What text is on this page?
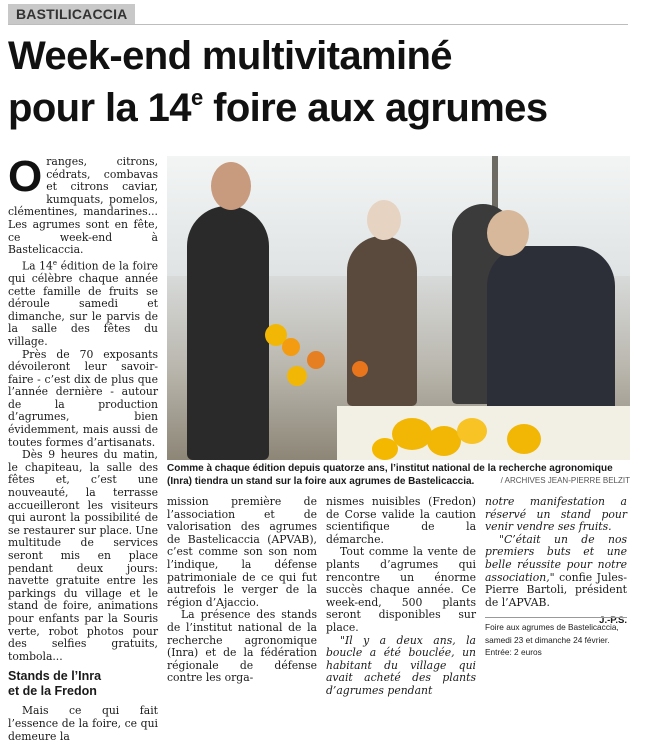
BASTILICACCIA
Week-end multivitaminé
pour la 14e foire aux agrumes

Oranges, citrons, cédrats, combavas et citrons caviar, kumquats, pomelos, clémentines, mandarines... Les agrumes sont en fête, ce week-end à Bastelicaccia.

La 14e édition de la foire qui célèbre chaque année cette famille de fruits se déroule samedi et dimanche, sur le parvis de la salle des fêtes du village.

Près de 70 exposants dévoileront leur savoir-faire - c’est dix de plus que l’année dernière - autour de la production d’agrumes, bien évidemment, mais aussi de toutes formes d’artisanats.

Dès 9 heures du matin, le chapiteau, la salle des fêtes et, c’est une nouveauté, la terrasse accueilleront les visiteurs qui auront la possibilité de se restaurer sur place. Une multitude de services seront mis en place pendant deux jours: navette gratuite entre les parkings du village et le stand de foire, animations pour enfants par la Souris verte, robot photos pour des selfies gratuits, tombola...

Stands de l’Inra
et de la Fredon

Mais ce qui fait l’essence de la foire, ce qui demeure la

Comme à chaque édition depuis quatorze ans, l’institut national de la recherche agronomique (Inra) tiendra un stand sur la foire aux agrumes de Bastelicaccia.	/ ARCHIVES JEAN-PIERRE BELZIT

mission première de l’association et de valorisation des agrumes de Bastelicaccia (APVAB), c’est comme son son nom l’indique, la défense patrimoniale de ce qui fut autrefois le verger de la région d’Ajaccio.

La présence des stands de l’institut national de la recherche agronomique (Inra) et de la fédération régionale de défense contre les orga-

nismes nuisibles (Fredon) de Corse valide la caution scientifique de la démarche.

Tout comme la vente de plants d’agrumes qui rencontre un énorme succès chaque année. Ce week-end, 500 plants seront disponibles sur place.

"Il y a deux ans, la boucle a été bouclée, un habitant du village qui avait acheté des plants d’agrumes pendant

notre manifestation a réservé un stand pour venir vendre ses fruits.

"C’était un de nos premiers buts et une belle réussite pour notre association," confie Jules-Pierre Bartoli, président de l’APVAB.

J.-P.S.
Foire aux agrumes de Bastelicaccia,
samedi 23 et dimanche 24 février.
Entrée: 2 euros
